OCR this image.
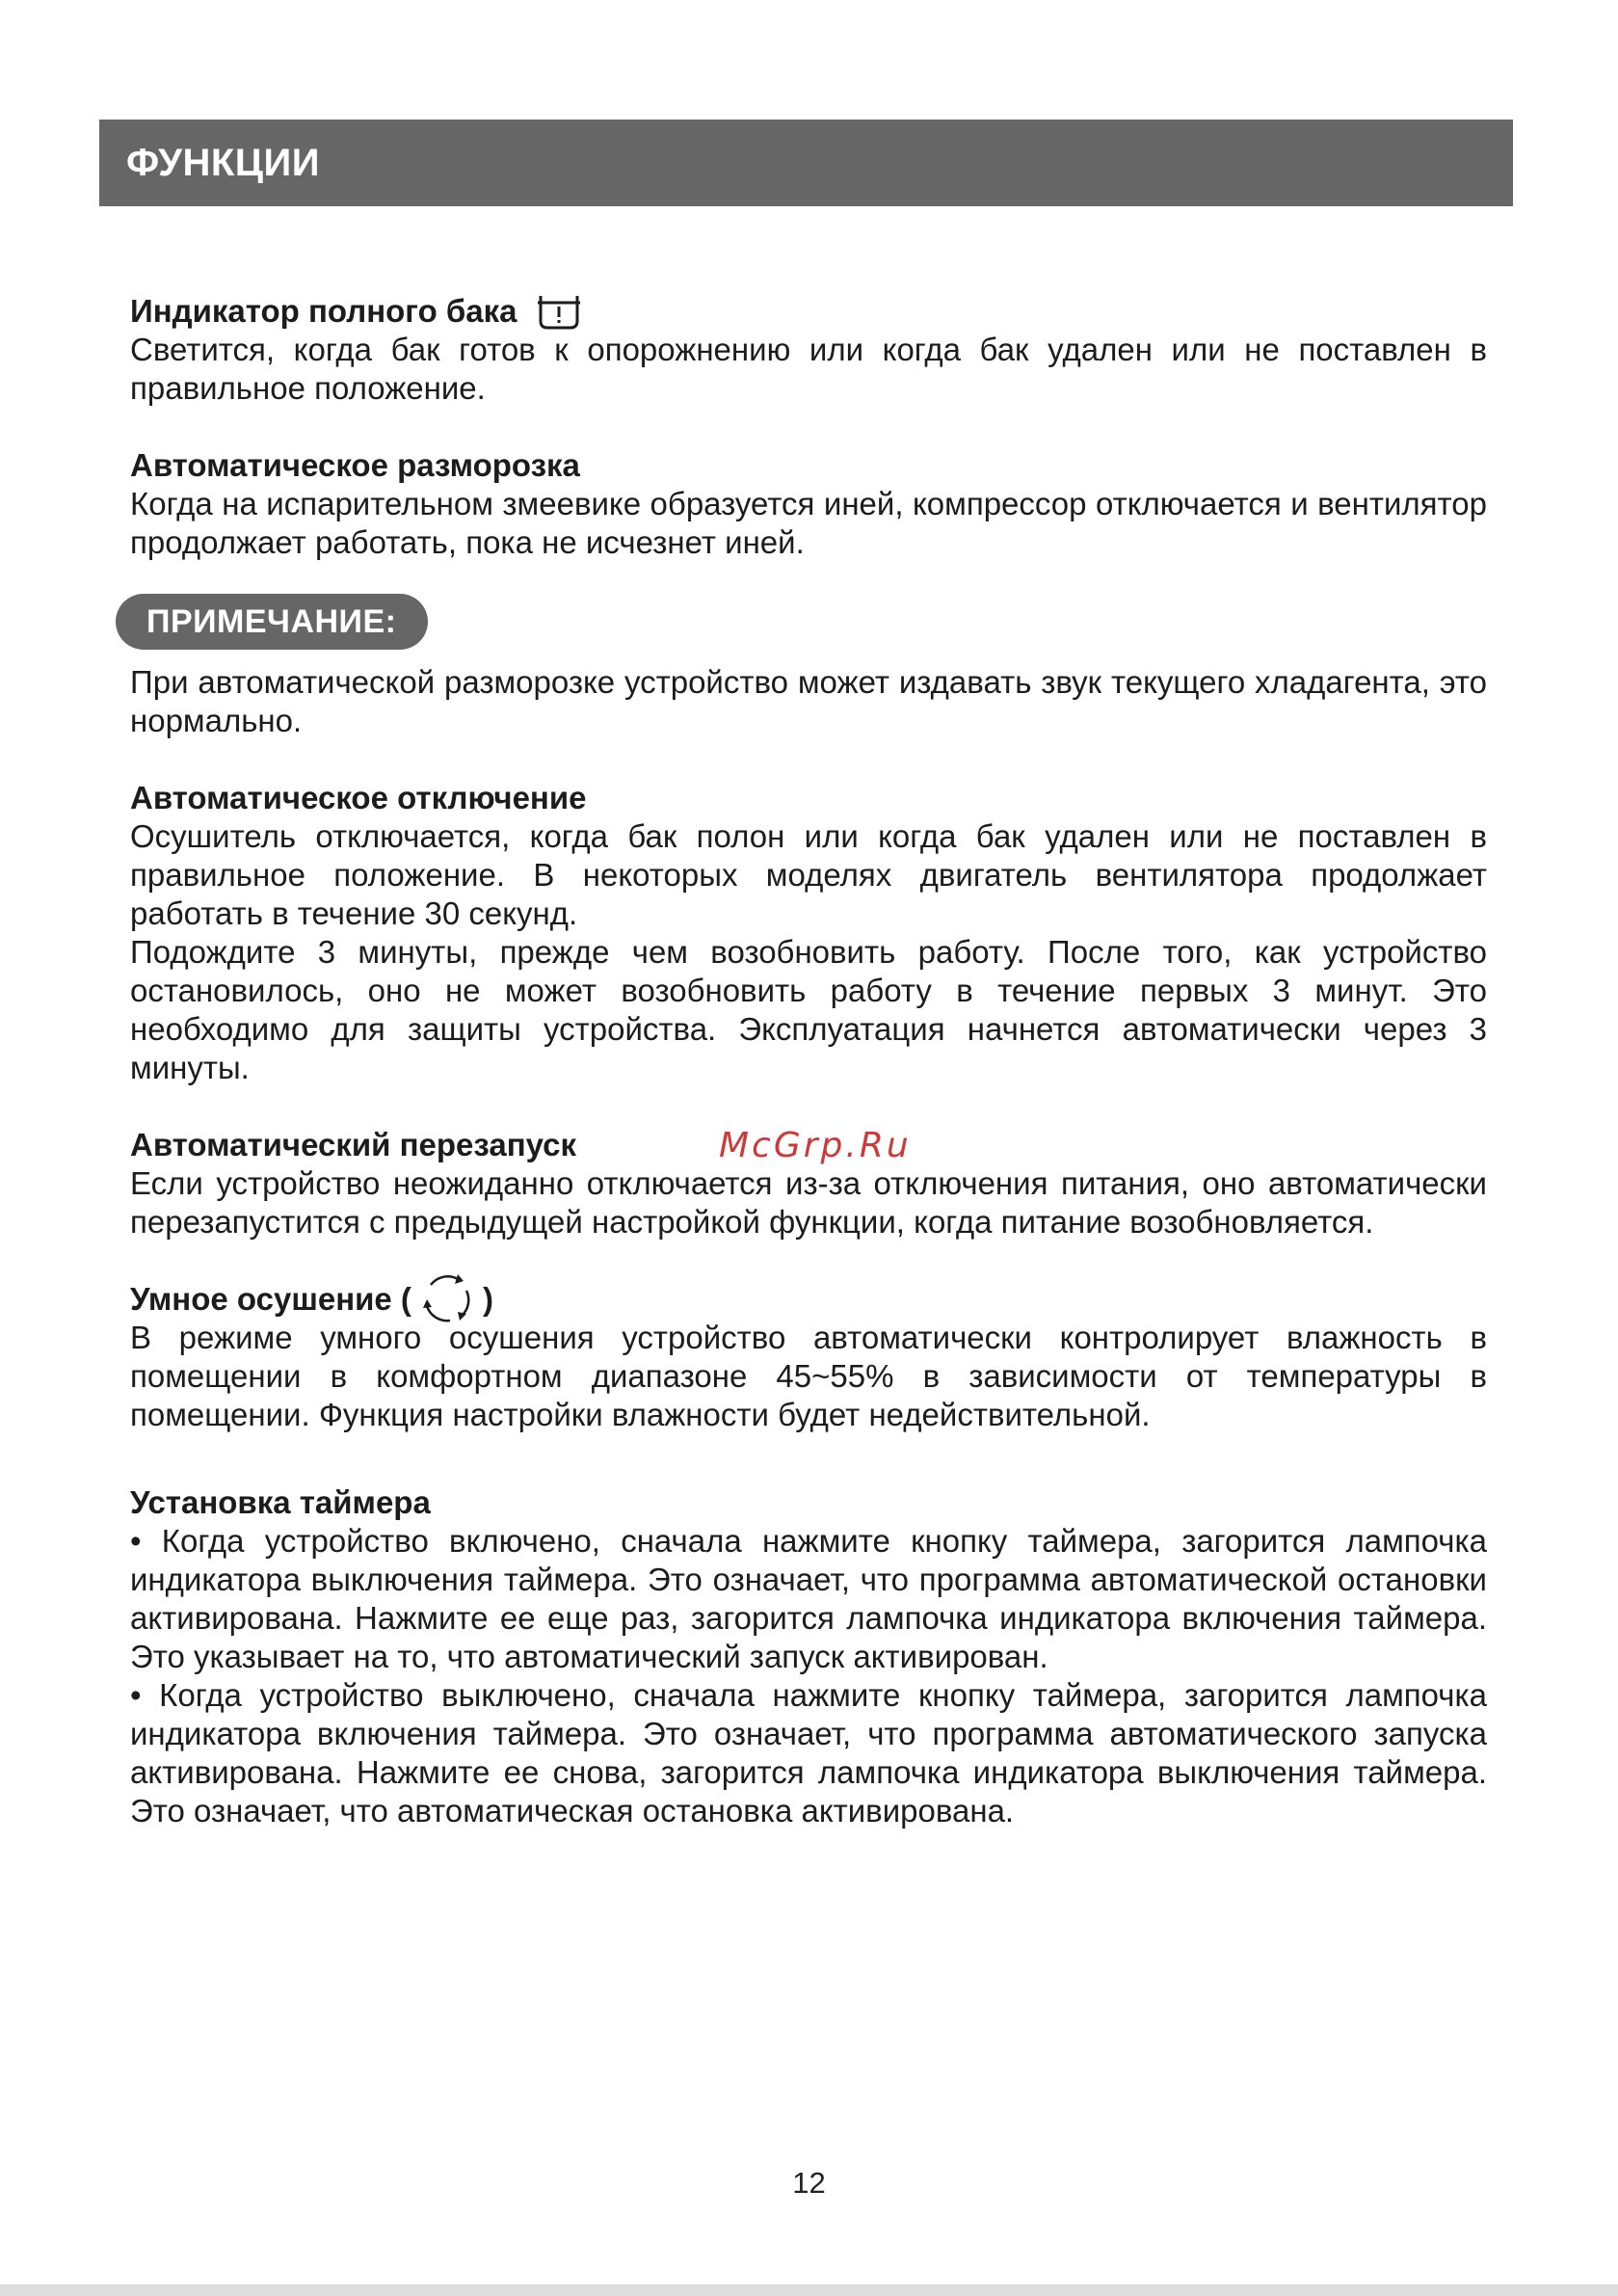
ФУНКЦИИ
Индикатор полного бака

Светится, когда бак готов к опорожнению или когда бак удален или не поставлен в правильное положение.

Автоматическое разморозка

Когда на испарительном змеевике образуется иней, компрессор отключается и вентилятор продолжает работать, пока не исчезнет иней.

ПРИМЕЧАНИЕ:

При автоматической разморозке устройство может издавать звук текущего хладагента, это нормально.

Автоматическое отключение

Осушитель отключается, когда бак полон или когда бак удален или не поставлен в правильное положение. В некоторых моделях двигатель вентилятора продолжает работать в течение 30 секунд.

Подождите 3 минуты, прежде чем возобновить работу. После того, как устройство остановилось, оно не может возобновить работу в течение первых 3 минут. Это необходимо для защиты устройства. Эксплуатация начнется автоматически через 3 минуты.

Автоматический перезапуск

Если устройство неожиданно отключается из-за отключения питания, оно автоматически перезапустится с предыдущей настройкой функции, когда питание возобновляется.

Умное осушение ( )

В режиме умного осушения устройство автоматически контролирует влажность в помещении в комфортном диапазоне 45~55% в зависимости от температуры в помещении. Функция настройки влажности будет недействительной.

Установка таймера

• Когда устройство включено, сначала нажмите кнопку таймера, загорится лампочка индикатора выключения таймера. Это означает, что программа автоматической остановки активирована. Нажмите ее еще раз, загорится лампочка индикатора включения таймера. Это указывает на то, что автоматический запуск активирован.

• Когда устройство выключено, сначала нажмите кнопку таймера, загорится лампочка индикатора включения таймера. Это означает, что программа автоматического запуска активирована. Нажмите ее снова, загорится лампочка индикатора выключения таймера. Это означает, что автоматическая остановка активирована.

McGrp.Ru
12
